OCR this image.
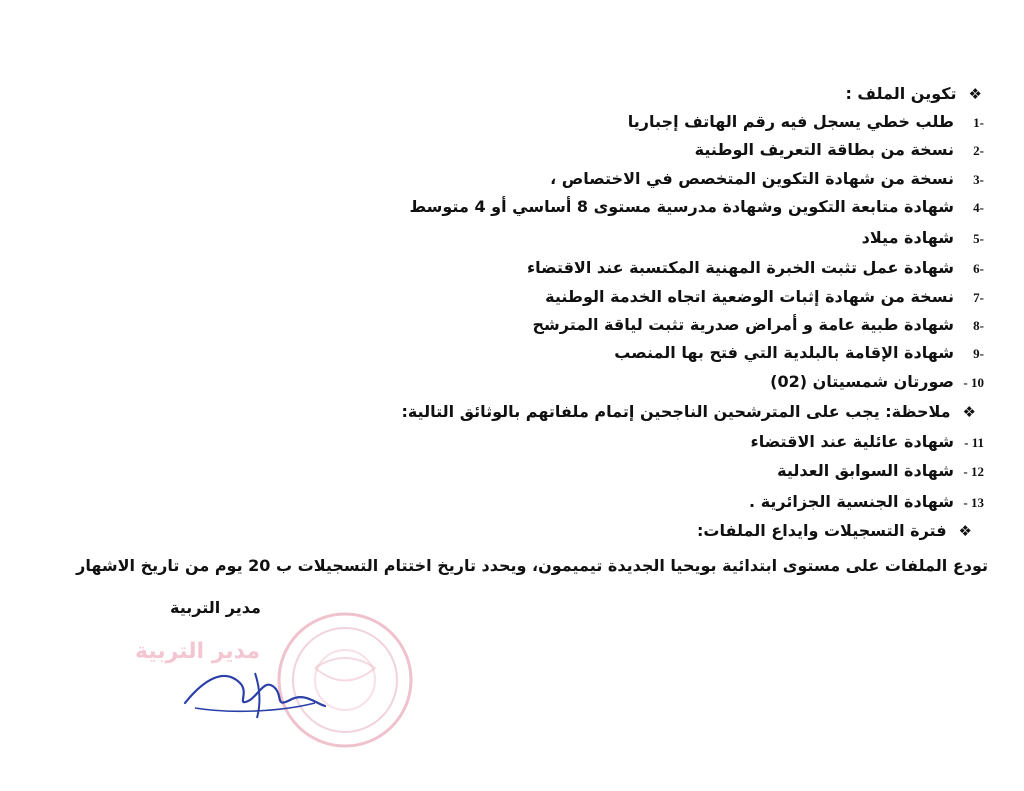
❖تكوين الملف :
-1طلب خطي يسجل فيه رقم الهاتف إجباريا
-2نسخة من بطاقة التعريف الوطنية
-3نسخة من شهادة التكوين المتخصص في الاختصاص ،
-4شهادة متابعة التكوين وشهادة مدرسية مستوى 8 أساسي أو 4 متوسط
-5شهادة ميلاد
-6شهادة عمل تثبت الخبرة المهنية المكتسبة عند الاقتضاء
-7نسخة من شهادة إثبات الوضعية اتجاه الخدمة الوطنية
-8شهادة طبية عامة و أمراض صدرية تثبت لياقة المترشح
-9شهادة الإقامة بالبلدية التي فتح بها المنصب
10 -صورتان شمسيتان (02)
❖ملاحظة: يجب على المترشحين الناجحين إتمام ملفاتهم بالوثائق التالية:
11 -شهادة عائلية عند الاقتضاء
12 -شهادة السوابق العدلية
13 -شهادة الجنسية الجزائرية .
❖فترة التسجيلات وايداع الملفات:
تودع الملفات على مستوى ابتدائية بويحيا الجديدة تيميمون، ويحدد تاريخ اختتام التسجيلات ب 20 يوم من تاريخ الاشهار
مدير التربية
مدير التربية
